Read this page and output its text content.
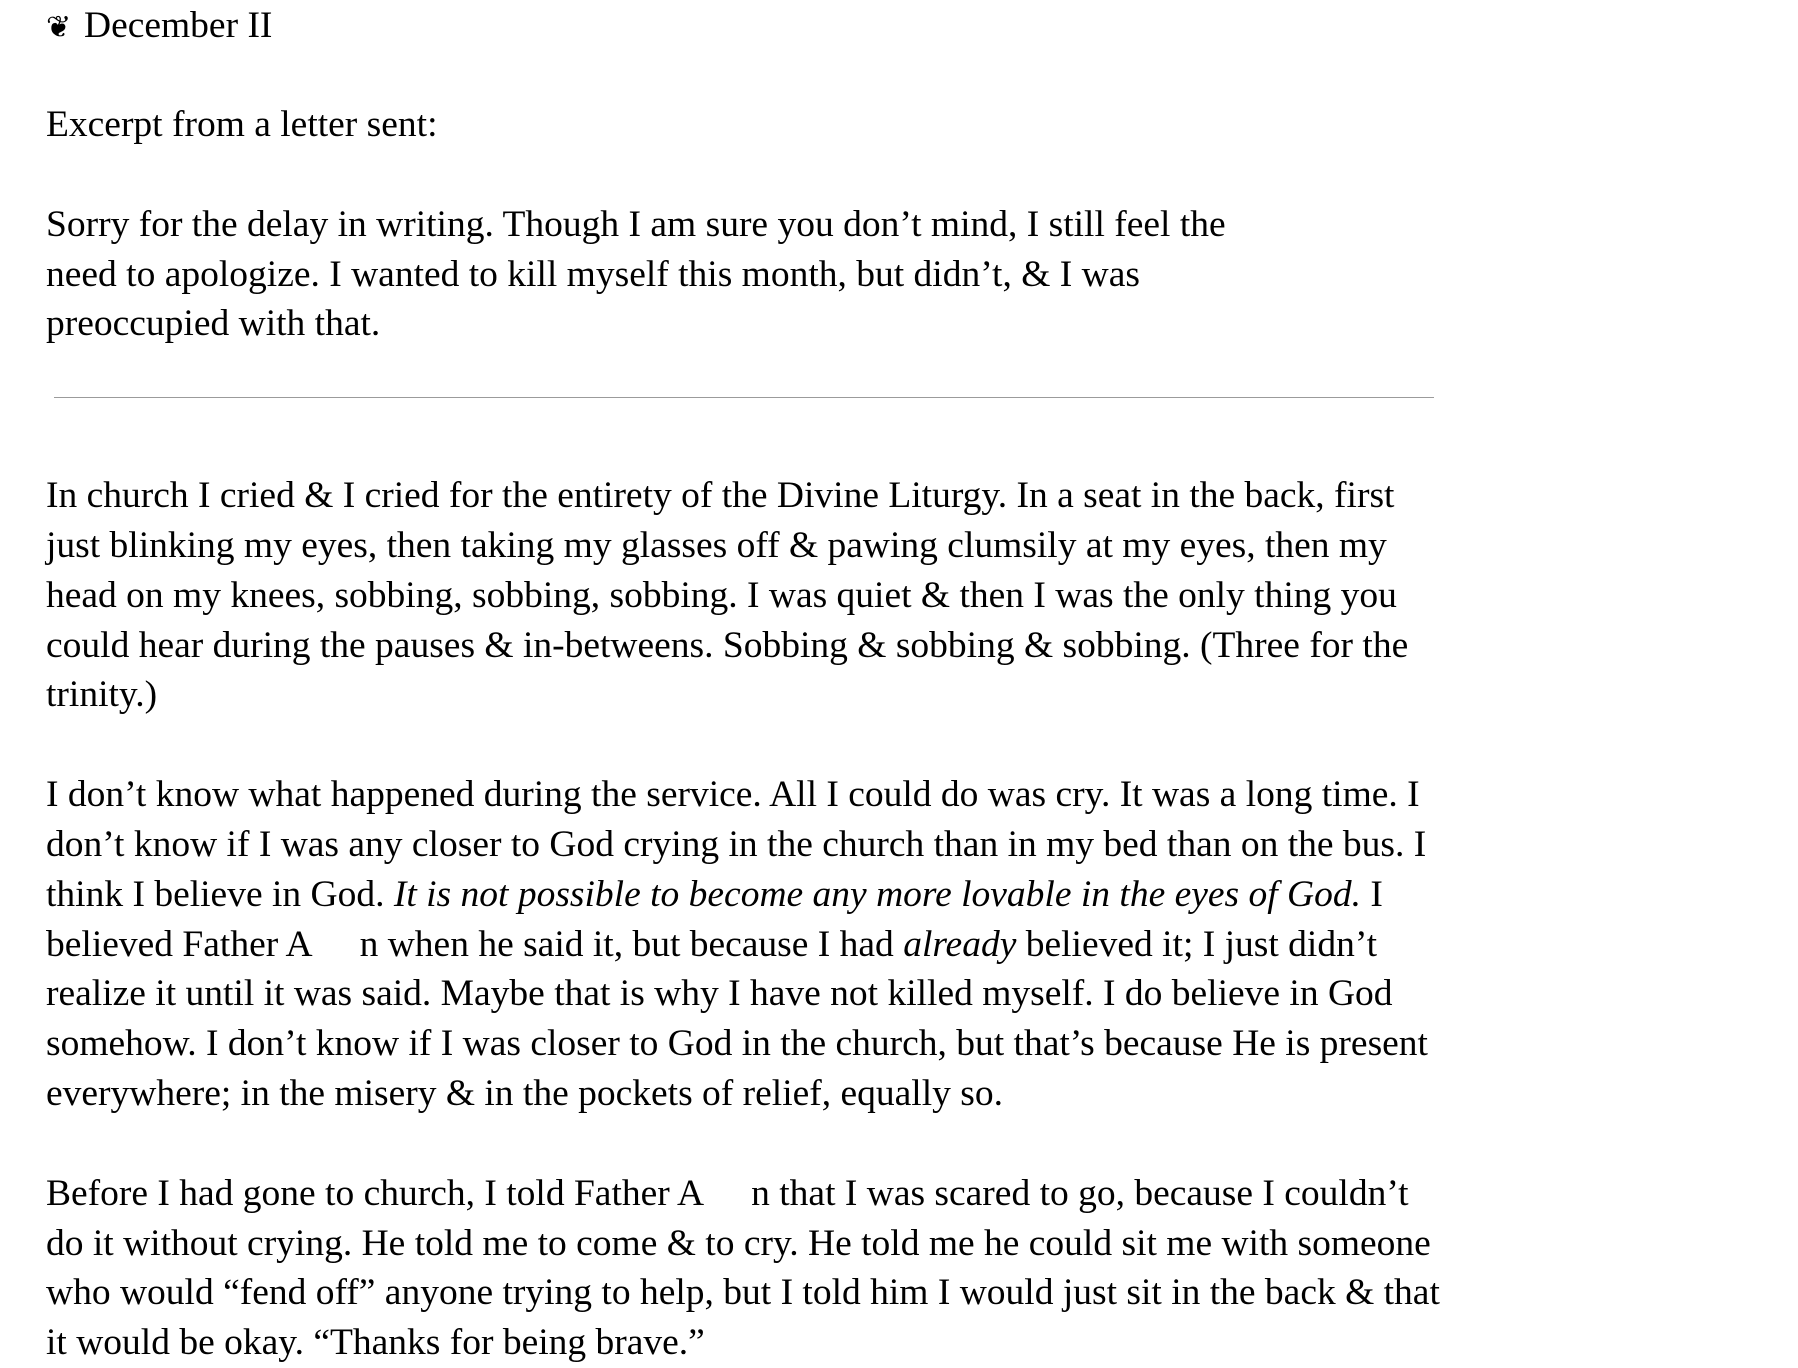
❦ December II

Excerpt from a letter sent:

Sorry for the delay in writing. Though I am sure you don’t mind, I still feel the need to apologize. I wanted to kill myself this month, but didn’t, & I was preoccupied with that.

In church I cried & I cried for the entirety of the Divine Liturgy. In a seat in the back, first just blinking my eyes, then taking my glasses off & pawing clumsily at my eyes, then my head on my knees, sobbing, sobbing, sobbing. I was quiet & then I was the only thing you could hear during the pauses & in-betweens. Sobbing & sobbing & sobbing. (Three for the trinity.)

I don’t know what happened during the service. All I could do was cry. It was a long time. I don’t know if I was any closer to God crying in the church than in my bed than on the bus. I think I believe in God. It is not possible to become any more lovable in the eyes of God. I believed Father A n when he said it, but because I had already believed it; I just didn’t realize it until it was said. Maybe that is why I have not killed myself. I do believe in God somehow. I don’t know if I was closer to God in the church, but that’s because He is present everywhere; in the misery & in the pockets of relief, equally so.

Before I had gone to church, I told Father A n that I was scared to go, because I couldn’t do it without crying. He told me to come & to cry. He told me he could sit me with someone who would “fend off” anyone trying to help, but I told him I would just sit in the back & that it would be okay. “Thanks for being brave.”
